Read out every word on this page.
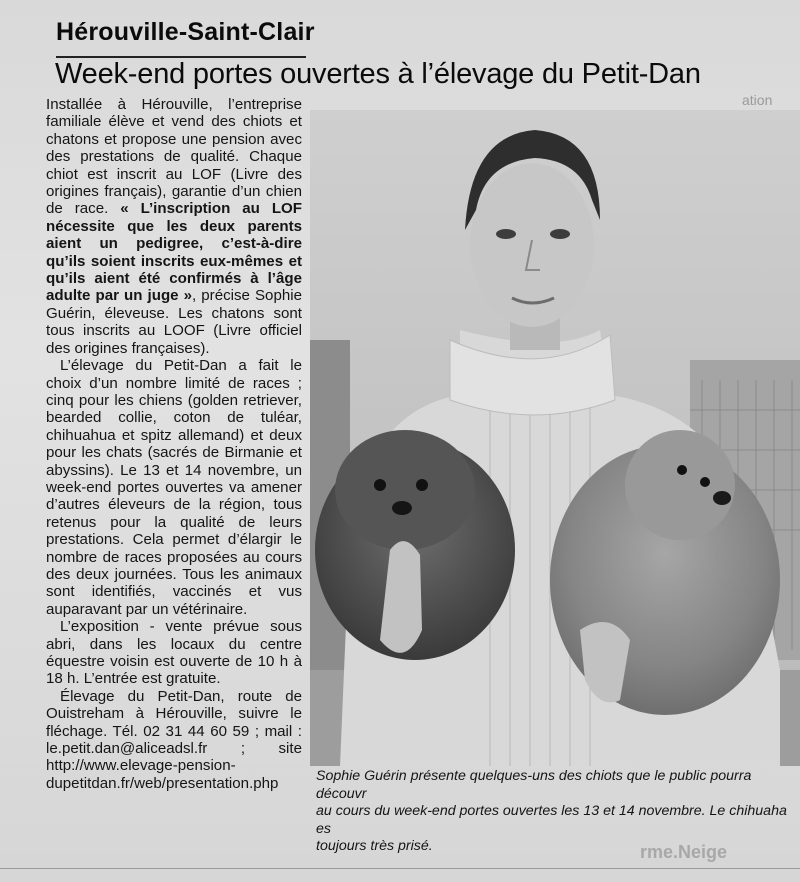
Hérouville-Saint-Clair
Week-end portes ouvertes à l’élevage du Petit-Dan

Installée à Hérouville, l’entreprise familiale élève et vend des chiots et chatons et propose une pension avec des prestations de qualité. Chaque chiot est inscrit au LOF (Livre des origines français), garantie d’un chien de race. « L’inscription au LOF nécessite que les deux parents aient un pedigree, c’est-à-dire qu’ils soient inscrits eux-mêmes et qu’ils aient été confirmés à l’âge adulte par un juge », précise Sophie Guérin, éleveuse. Les chatons sont tous inscrits au LOOF (Livre officiel des origines françaises).

L’élevage du Petit-Dan a fait le choix d’un nombre limité de races ; cinq pour les chiens (golden retriever, bearded collie, coton de tuléar, chihuahua et spitz allemand) et deux pour les chats (sacrés de Birmanie et abyssins). Le 13 et 14 novembre, un week-end portes ouvertes va amener d’autres éleveurs de la région, tous retenus pour la qualité de leurs prestations. Cela permet d’élargir le nombre de races proposées au cours des deux journées. Tous les animaux sont identifiés, vaccinés et vus auparavant par un vétérinaire.

L’exposition - vente prévue sous abri, dans les locaux du centre équestre voisin est ouverte de 10 h à 18 h. L’entrée est gratuite.

Élevage du Petit-Dan, route de Ouistreham à Hérouville, suivre le fléchage. Tél. 02 31 44 60 59 ; mail : le.petit.dan@aliceadsl.fr ; site http://www.elevage-pension-dupetitdan.fr/web/presentation.php	Sophie Guérin présente quelques-uns des chiots que le public pourra découvr
au cours du week-end portes ouvertes les 13 et 14 novembre. Le chihuaha es
toujours très prisé.
ation
rme.Neige
